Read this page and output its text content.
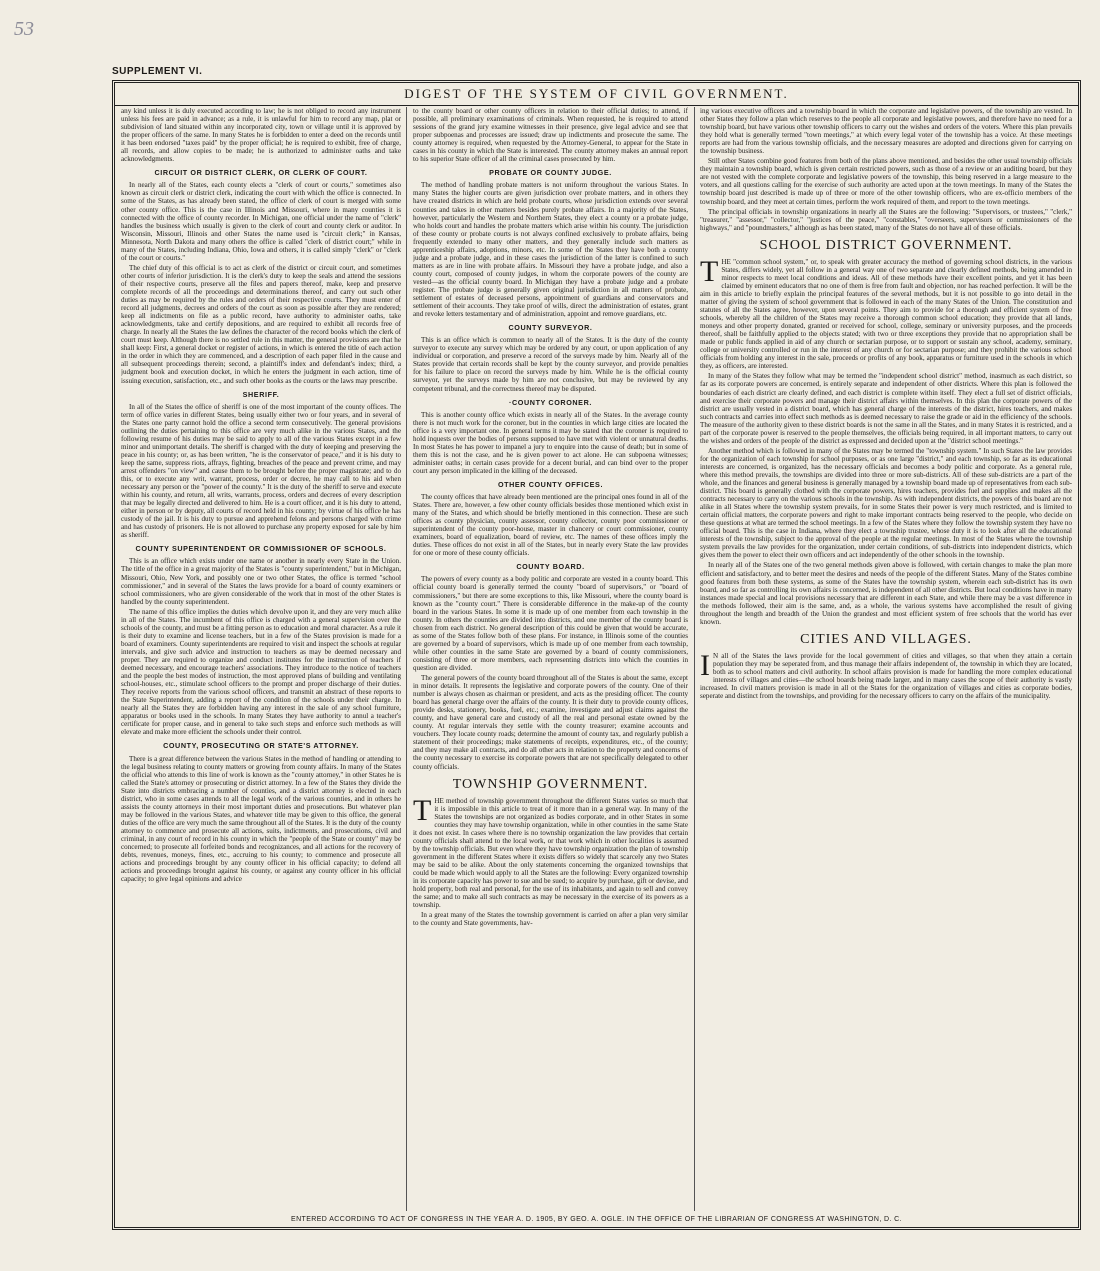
53
SUPPLEMENT VI.
DIGEST OF THE SYSTEM OF CIVIL GOVERNMENT.

any kind unless it is duly executed according to law; he is not obliged to record any instrument unless his fees are paid in advance; as a rule, it is unlawful for him to record any map, plat or subdivision of land situated within any incorporated city, town or village until it is approved by the proper officers of the same. In many States he is forbidden to enter a deed on the records until it has been endorsed "taxes paid" by the proper official; he is required to exhibit, free of charge, all records, and allow copies to be made; he is authorized to administer oaths and take acknowledgments.

CIRCUIT OR DISTRICT CLERK, OR CLERK OF COURT.

In nearly all of the States, each county elects a "clerk of court or courts," sometimes also known as circuit clerk or district clerk, indicating the court with which the office is connected. In some of the States, as has already been stated, the office of clerk of court is merged with some other county office. This is the case in Illinois and Missouri, where in many counties it is connected with the office of county recorder. In Michigan, one official under the name of "clerk" handles the business which usually is given to the clerk of court and county clerk or auditor. In Wisconsin, Missouri, Illinois and other States the name used is "circuit clerk;" in Kansas, Minnesota, North Dakota and many others the office is called "clerk of district court;" while in many of the States, including Indiana, Ohio, Iowa and others, it is called simply "clerk" or "clerk of the court or courts."

The chief duty of this official is to act as clerk of the district or circuit court, and sometimes other courts of inferior jurisdiction. It is the clerk's duty to keep the seals and attend the sessions of their respective courts, preserve all the files and papers thereof, make, keep and preserve complete records of all the proceedings and determinations thereof, and carry out such other duties as may be required by the rules and orders of their respective courts. They must enter of record all judgments, decrees and orders of the court as soon as possible after they are rendered; keep all indictments on file as a public record, have authority to administer oaths, take acknowledgments, take and certify depositions, and are required to exhibit all records free of charge. In nearly all the States the law defines the character of the record books which the clerk of court must keep. Although there is no settled rule in this matter, the general provisions are that he shall keep: First, a general docket or register of actions, in which is entered the title of each action in the order in which they are commenced, and a description of each paper filed in the cause and all subsequent proceedings therein; second, a plaintiff's index and defendant's index; third, a judgment book and execution docket, in which he enters the judgment in each action, time of issuing execution, satisfaction, etc., and such other books as the courts or the laws may prescribe.

SHERIFF.

In all of the States the office of sheriff is one of the most important of the county offices. The term of office varies in different States, being usually either two or four years, and in several of the States one party cannot hold the office a second term consecutively. The general provisions outlining the duties pertaining to this office are very much alike in the various States, and the following resume of his duties may be said to apply to all of the various States except in a few minor and unimportant details. The sheriff is charged with the duty of keeping and preserving the peace in his county; or, as has been written, "he is the conservator of peace," and it is his duty to keep the same, suppress riots, affrays, fighting, breaches of the peace and prevent crime, and may arrest offenders "on view" and cause them to be brought before the proper magistrate; and to do this, or to execute any writ, warrant, process, order or decree, he may call to his aid when necessary any person or the "power of the county." It is the duty of the sheriff to serve and execute within his county, and return, all writs, warrants, process, orders and decrees of every description that may be legally directed and delivered to him. He is a court officer, and it is his duty to attend, either in person or by deputy, all courts of record held in his county; by virtue of his office he has custody of the jail. It is his duty to pursue and apprehend felons and persons charged with crime and has custody of prisoners. He is not allowed to purchase any property exposed for sale by him as sheriff.

COUNTY SUPERINTENDENT OR COMMISSIONER OF SCHOOLS.

This is an office which exists under one name or another in nearly every State in the Union. The title of the office in a great majority of the States is "county superintendent," but in Michigan, Missouri, Ohio, New York, and possibly one or two other States, the office is termed "school commissioner," and in several of the States the laws provide for a board of county examiners or school commissioners, who are given considerable of the work that in most of the other States is handled by the county superintendent.

The name of this office implies the duties which devolve upon it, and they are very much alike in all of the States. The incumbent of this office is charged with a general supervision over the schools of the county, and must be a fitting person as to education and moral character. As a rule it is their duty to examine and license teachers, but in a few of the States provision is made for a board of examiners. County superintendents are required to visit and inspect the schools at regular intervals, and give such advice and instruction to teachers as may be deemed necessary and proper. They are required to organize and conduct institutes for the instruction of teachers if deemed necessary, and encourage teachers' associations. They introduce to the notice of teachers and the people the best modes of instruction, the most approved plans of building and ventilating school-houses, etc., stimulate school officers to the prompt and proper discharge of their duties. They receive reports from the various school officers, and transmit an abstract of these reports to the State Superintendent, adding a report of the condition of the schools under their charge. In nearly all the States they are forbidden having any interest in the sale of any school furniture, apparatus or books used in the schools. In many States they have authority to annul a teacher's certificate for proper cause, and in general to take such steps and enforce such methods as will elevate and make more efficient the schools under their control.

COUNTY, PROSECUTING OR STATE'S ATTORNEY.

There is a great difference between the various States in the method of handling or attending to the legal business relating to county matters or growing from county affairs. In many of the States the official who attends to this line of work is known as the "county attorney," in other States he is called the State's attorney or prosecuting or district attorney. In a few of the States they divide the State into districts embracing a number of counties, and a district attorney is elected in each district, who in some cases attends to all the legal work of the various counties, and in others he assists the county attorneys in their most important duties and prosecutions. But whatever plan may be followed in the various States, and whatever title may be given to this office, the general duties of the office are very much the same throughout all of the States. It is the duty of the county attorney to commence and prosecute all actions, suits, indictments, and prosecutions, civil and criminal, in any court of record in his county in which the "people of the State or county" may be concerned; to prosecute all forfeited bonds and recognizances, and all actions for the recovery of debts, revenues, moneys, fines, etc., accruing to his county; to commence and prosecute all actions and proceedings brought by any county officer in his official capacity; to defend all actions and proceedings brought against his county, or against any county officer in his official capacity; to give legal opinions and advice

to the county board or other county officers in relation to their official duties; to attend, if possible, all preliminary examinations of criminals. When requested, he is required to attend sessions of the grand jury examine witnesses in their presence, give legal advice and see that proper subpoenas and processes are issued; draw up indictments and prosecute the same. The county attorney is required, when requested by the Attorney-General, to appear for the State in cases in his county in which the State is interested. The county attorney makes an annual report to his superior State officer of all the criminal cases prosecuted by him.

PROBATE OR COUNTY JUDGE.

The method of handling probate matters is not uniform throughout the various States. In many States the higher courts are given jurisdiction over probate matters, and in others they have created districts in which are held probate courts, whose jurisdiction extends over several counties and takes in other matters besides purely probate affairs. In a majority of the States, however, particularly the Western and Northern States, they elect a county or a probate judge, who holds court and handles the probate matters which arise within his county. The jurisdiction of these county or probate courts is not always confined exclusively to probate affairs, being frequently extended to many other matters, and they generally include such matters as apprenticeship affairs, adoptions, minors, etc. In some of the States they have both a county judge and a probate judge, and in these cases the jurisdiction of the latter is confined to such matters as are in line with probate affairs. In Missouri they have a probate judge, and also a county court, composed of county judges, in whom the corporate powers of the county are vested—as the official county board. In Michigan they have a probate judge and a probate register. The probate judge is generally given original jurisdiction in all matters of probate, settlement of estates of deceased persons, appointment of guardians and conservators and settlement of their accounts. They take proof of wills, direct the administration of estates, grant and revoke letters testamentary and of administration, appoint and remove guardians, etc.

COUNTY SURVEYOR.

This is an office which is common to nearly all of the States. It is the duty of the county surveyor to execute any survey which may be ordered by any court, or upon application of any individual or corporation, and preserve a record of the surveys made by him. Nearly all of the States provide that certain records shall be kept by the county surveyor, and provide penalties for his failure to place on record the surveys made by him. While he is the official county surveyor, yet the surveys made by him are not conclusive, but may be reviewed by any competent tribunal, and the correctness thereof may be disputed.

·COUNTY CORONER.

This is another county office which exists in nearly all of the States. In the average county there is not much work for the coroner, but in the counties in which large cities are located the office is a very important one. In general terms it may be stated that the coroner is required to hold inquests over the bodies of persons supposed to have met with violent or unnatural deaths. In most States he has power to impanel a jury to enquire into the cause of death; but in some of them this is not the case, and he is given power to act alone. He can subpoena witnesses; administer oaths; in certain cases provide for a decent burial, and can bind over to the proper court any person implicated in the killing of the deceased.

OTHER COUNTY OFFICES.

The county offices that have already been mentioned are the principal ones found in all of the States. There are, however, a few other county officials besides those mentioned which exist in many of the States, and which should be briefly mentioned in this connection. These are such offices as county physician, county assessor, county collector, county poor commissioner or superintendent of the county poor-house, master in chancery or court commissioner, county examiners, board of equalization, board of review, etc. The names of these offices imply the duties. These offices do not exist in all of the States, but in nearly every State the law provides for one or more of these county officials.

COUNTY BOARD.

The powers of every county as a body politic and corporate are vested in a county board. This official county board is generally termed the county "board of supervisors," or "board of commissioners," but there are some exceptions to this, like Missouri, where the county board is known as the "county court." There is considerable difference in the make-up of the county board in the various States. In some it is made up of one member from each township in the county. In others the counties are divided into districts, and one member of the county board is chosen from each district. No general description of this could be given that would be accurate, as some of the States follow both of these plans. For instance, in Illinois some of the counties are governed by a board of supervisors, which is made up of one member from each township, while other counties in the same State are governed by a board of county commissioners, consisting of three or more members, each representing districts into which the counties in question are divided.

The general powers of the county board throughout all of the States is about the same, except in minor details. It represents the legislative and corporate powers of the county. One of their number is always chosen as chairman or president, and acts as the presiding officer. The county board has general charge over the affairs of the county. It is their duty to provide county offices, provide desks, stationery, books, fuel, etc.; examine, investigate and adjust claims against the county, and have general care and custody of all the real and personal estate owned by the county. At regular intervals they settle with the county treasurer; examine accounts and vouchers. They locate county roads; determine the amount of county tax, and regularly publish a statement of their proceedings; make statements of receipts, expenditures, etc., of the county; and they may make all contracts, and do all other acts in relation to the property and concerns of the county necessary to exercise its corporate powers that are not specifically delegated to other county officials.

TOWNSHIP GOVERNMENT.

THE method of township government throughout the different States varies so much that it is impossible in this article to treat of it more than in a general way. In many of the States the townships are not organized as bodies corporate, and in other States in some counties they may have township organization, while in other counties in the same State it does not exist. In cases where there is no township organization the law provides that certain county officials shall attend to the local work, or that work which in other localities is assumed by the township officials. But even where they have township organization the plan of township government in the different States where it exists differs so widely that scarcely any two States may be said to be alike. About the only statements concerning the organized townships that could be made which would apply to all the States are the following: Every organized township in its corporate capacity has power to sue and be sued; to acquire by purchase, gift or devise, and hold property, both real and personal, for the use of its inhabitants, and again to sell and convey the same; and to make all such contracts as may be necessary in the exercise of its powers as a township.

In a great many of the States the township government is carried on after a plan very similar to the county and State governments, hav-

ing various executive officers and a township board in which the corporate and legislative powers, of the township are vested. In other States they follow a plan which reserves to the people all corporate and legislative powers, and therefore have no need for a township board, but have various other township officers to carry out the wishes and orders of the voters. Where this plan prevails they hold what is generally termed "town meetings," at which every legal voter of the township has a voice. At these meetings reports are had from the various township officials, and the necessary measures are adopted and directions given for carrying on the township business.

Still other States combine good features from both of the plans above mentioned, and besides the other usual township officials they maintain a township board, which is given certain restricted powers, such as those of a review or an auditing board, but they are not vested with the complete corporate and legislative powers of the township, this being reserved in a large measure to the voters, and all questions calling for the exercise of such authority are acted upon at the town meetings. In many of the States the township board just described is made up of three or more of the other township officers, who are ex-officio members of the township board, and they meet at certain times, perform the work required of them, and report to the town meetings.

The principal officials in township organizations in nearly all the States are the following: "Supervisors, or trustees," "clerk," "treasurer," "assessor," "collector," "justices of the peace," "constables," "overseers, supervisors or commissioners of the highways," and "poundmasters," although as has been stated, many of the States do not have all of these officials.

SCHOOL DISTRICT GOVERNMENT.

THE "common school system," or, to speak with greater accuracy the method of governing school districts, in the various States, differs widely, yet all follow in a general way one of two separate and clearly defined methods, being amended in minor respects to meet local conditions and ideas. All of these methods have their excellent points, and yet it has been claimed by eminent educators that no one of them is free from fault and objection, nor has reached perfection. It will be the aim in this article to briefly explain the principal features of the several methods, but it is not possible to go into detail in the matter of giving the system of school government that is followed in each of the many States of the Union. The constitution and statutes of all the States agree, however, upon several points. They aim to provide for a thorough and efficient system of free schools, whereby all the children of the States may receive a thorough common school education; they provide that all lands, moneys and other property donated, granted or received for school, college, seminary or university purposes, and the proceeds thereof, shall be faithfully applied to the objects stated; with two or three exceptions they provide that no appropriation shall be made or public funds applied in aid of any church or sectarian purpose, or to support or sustain any school, academy, seminary, college or university controlled or run in the interest of any church or for sectarian purpose; and they prohibit the various school officials from holding any interest in the sale, proceeds or profits of any book, apparatus or furniture used in the schools in which they, as officers, are interested.

In many of the States they follow what may be termed the "independent school district" method, inasmuch as each district, so far as its corporate powers are concerned, is entirely separate and independent of other districts. Where this plan is followed the boundaries of each district are clearly defined, and each district is complete within itself. They elect a full set of district officials, and exercise their corporate powers and manage their district affairs within themselves. In this plan the corporate powers of the district are usually vested in a district board, which has general charge of the interests of the district, hires teachers, and makes such contracts and carries into effect such methods as is deemed necessary to raise the grade or aid in the efficiency of the schools. The measure of the authority given to these district boards is not the same in all the States, and in many States it is restricted, and a part of the corporate power is reserved to the people themselves, the officials being required, in all important matters, to carry out the wishes and orders of the people of the district as expressed and decided upon at the "district school meetings."

Another method which is followed in many of the States may be termed the "township system." In such States the law provides for the organization of each township for school purposes, or as one large "district," and each township, so far as its educational interests are concerned, is organized, has the necessary officials and becomes a body politic and corporate. As a general rule, where this method prevails, the townships are divided into three or more sub-districts. All of these sub-districts are a part of the whole, and the finances and general business is generally managed by a township board made up of representatives from each sub-district. This board is generally clothed with the corporate powers, hires teachers, provides fuel and supplies and makes all the contracts necessary to carry on the various schools in the township. As with independent districts, the powers of this board are not alike in all States where the township system prevails, for in some States their power is very much restricted, and is limited to certain official matters, the corporate powers and right to make important contracts being reserved to the people, who decide on these questions at what are termed the school meetings. In a few of the States where they follow the township system they have no official board. This is the case in Indiana, where they elect a township trustee, whose duty it is to look after all the educational interests of the township, subject to the approval of the people at the regular meetings. In most of the States where the township system prevails the law provides for the organization, under certain conditions, of sub-districts into independent districts, which gives them the power to elect their own officers and act independently of the other schools in the township.

In nearly all of the States one of the two general methods given above is followed, with certain changes to make the plan more efficient and satisfactory, and to better meet the desires and needs of the people of the different States. Many of the States combine good features from both these systems, as some of the States have the township system, wherein each sub-district has its own board, and so far as controlling its own affairs is concerned, is independent of all other districts. But local conditions have in many instances made special and local provisions necessary that are different in each State, and while there may be a vast difference in the methods followed, their aim is the same, and, as a whole, the various systems have accomplished the result of giving throughout the length and breadth of the Union the grandest and most efficient system of free schools that the world has ever known.

CITIES AND VILLAGES.

I N all of the States the laws provide for the local government of cities and villages, so that when they attain a certain population they may be seperated from, and thus manage their affairs independent of, the township in which they are located, both as to school matters and civil authority. In school affairs provision is made for handling the more complex educational interests of villages and cities—the school boards being made larger, and in many cases the scope of their authority is vastly increased. In civil matters provision is made in all ot the States for the organization of villages and cities as corporate bodies, seperate and distinct from the townships, and providing for the necessary officers to carry on the affairs of the municipality.

ENTERED ACCORDING TO ACT OF CONGRESS IN THE YEAR A. D. 1905, BY GEO. A. OGLE. IN THE OFFICE OF THE LIBRARIAN OF CONGRESS AT WASHINGTON, D. C.
